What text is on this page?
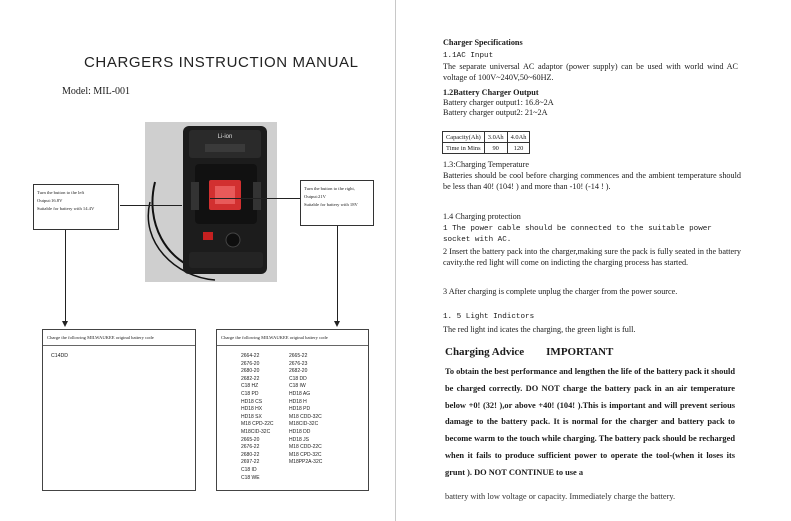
CHARGERS INSTRUCTION MANUAL
Model: MIL-001
Li-ion
Turn the button to the left
Output:16.8V
Suitable for battery with 14.4V
Turn the button to the right,
Output:21V
Suitable for battery with 18V
Charge the following MILWAUKEE original battery code
C14DD
Charge the following MILWAUKEE original battery code
2664-22
2676-20
2680-20
2682-22
C18 HZ
C18 PD
HD18 CS
HD18 HX
HD18 SX
M18 CPD-22C
M18CID-32C
2665-20
2676-22
2680-22
2697-22
C18 ID
C18 WE
2665-22
2676-23
2682-20
C18 DD
C18 IW
HD18 AG
HD18 H
HD18 PD
M18 CDD-32C
M18CID-32C
HD18 DD
HD18 JS
M18 CDD-22C
M18 CPD-32C
M18PP2A-32C
Charger Specifications
1.1AC Input
The separate universal AC adaptor (power supply) can be used with world wind AC voltage of 100V~240V,50~60HZ.
1.2Battery Charger Output
Battery charger output1: 16.8~2A
Battery charger output2: 21~2A
Capacity(Ah)	3.0Ah	4.0Ah
Time in Mins	90	120
1.3:Charging Temperature
Batteries should be cool before charging commences and the ambient temperature should be less than 40! (104! ) and more than -10! (-14 ! ).
1.4 Charging protection
1 The power cable should be connected to the suitable power socket with AC.
2 Insert the battery pack into the charger,making sure the pack is fully seated in the battery cavity.the red light will come on indicting the charging process has started.
3 After charging is complete unplug the charger from the power source.
1. 5 Light Indictors
The red light ind icates the charging, the green light is full.
Charging Advice IMPORTANT
To obtain the best performance and lengthen the life of the battery pack it should be charged correctly. DO NOT charge the battery pack in an air temperature below +0! (32! ),or above +40! (104! ).This is important and will prevent serious damage to the battery pack. It is normal for the charger and battery pack to become warm to the touch while charging. The battery pack should be recharged when it fails to produce sufficient power to operate the tool-(when it loses its grunt ). DO NOT CONTINUE to use a
battery with low voltage or capacity. Immediately charge the battery.
